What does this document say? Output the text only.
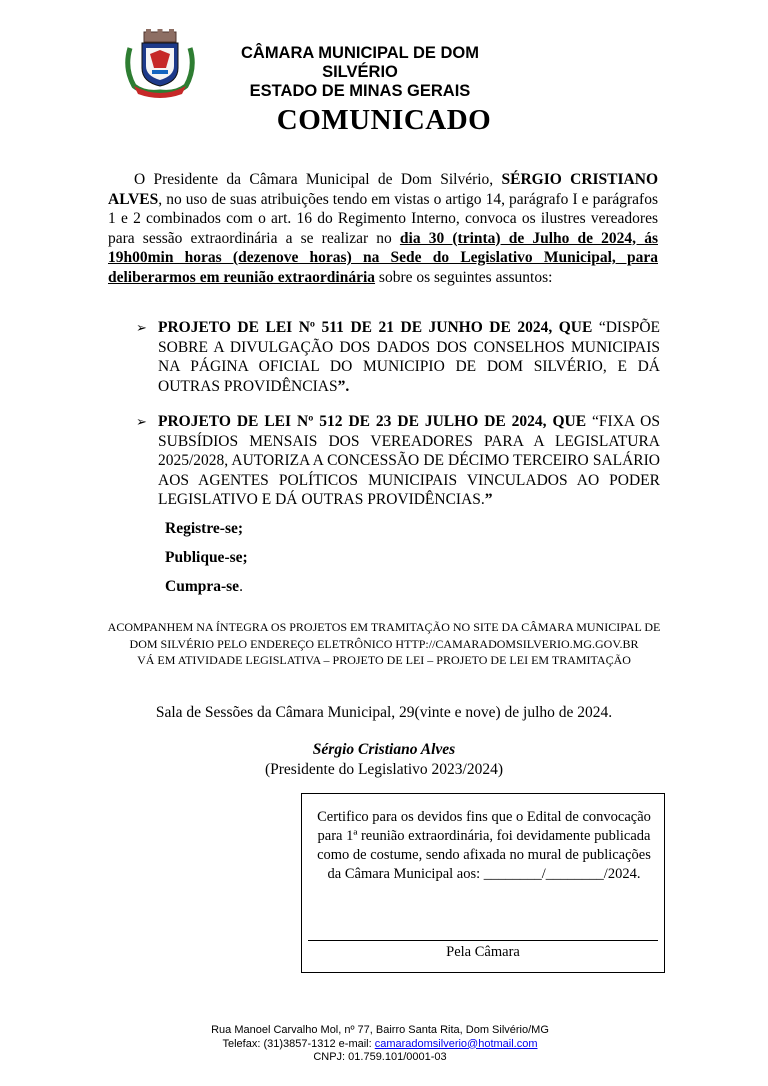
CÂMARA MUNICIPAL DE DOM SILVÉRIO
ESTADO DE MINAS GERAIS
COMUNICADO

O Presidente da Câmara Municipal de Dom Silvério, SÉRGIO CRISTIANO ALVES, no uso de suas atribuições tendo em vistas o artigo 14, parágrafo I e parágrafos 1 e 2 combinados com o art. 16 do Regimento Interno, convoca os ilustres vereadores para sessão extraordinária a se realizar no dia 30 (trinta) de Julho de 2024, ás 19h00min horas (dezenove horas) na Sede do Legislativo Municipal, para deliberarmos em reunião extraordinária sobre os seguintes assuntos:

➢ PROJETO DE LEI Nº 511 DE 21 DE JUNHO DE 2024, QUE “DISPÕE SOBRE A DIVULGAÇÃO DOS DADOS DOS CONSELHOS MUNICIPAIS NA PÁGINA OFICIAL DO MUNICIPIO DE DOM SILVÉRIO, E DÁ OUTRAS PROVIDÊNCIAS”.
➢ PROJETO DE LEI Nº 512 DE 23 DE JULHO DE 2024, QUE “FIXA OS SUBSÍDIOS MENSAIS DOS VEREADORES PARA A LEGISLATURA 2025/2028, AUTORIZA A CONCESSÃO DE DÉCIMO TERCEIRO SALÁRIO AOS AGENTES POLÍTICOS MUNICIPAIS VINCULADOS AO PODER LEGISLATIVO E DÁ OUTRAS PROVIDÊNCIAS.”
Registre-se;
Publique-se;
Cumpra-se.
ACOMPANHEM NA ÍNTEGRA OS PROJETOS EM TRAMITAÇÃO NO SITE DA CÂMARA MUNICIPAL DE
DOM SILVÉRIO PELO ENDEREÇO ELETRÔNICO HTTP://CAMARADOMSILVERIO.MG.GOV.BR
VÁ EM ATIVIDADE LEGISLATIVA – PROJETO DE LEI – PROJETO DE LEI EM TRAMITAÇÃO
Sala de Sessões da Câmara Municipal, 29(vinte e nove) de julho de 2024.
Sérgio Cristiano Alves
(Presidente do Legislativo 2023/2024)
Certifico para os devidos fins que o Edital de convocação para 1ª reunião extraordinária, foi devidamente publicada como de costume, sendo afixada no mural de publicações da Câmara Municipal aos: ________/________/2024.
Pela Câmara
Rua Manoel Carvalho Mol, nº 77, Bairro Santa Rita, Dom Silvério/MG
Telefax: (31)3857-1312 e-mail: camaradomsilverio@hotmail.com
CNPJ: 01.759.101/0001-03
